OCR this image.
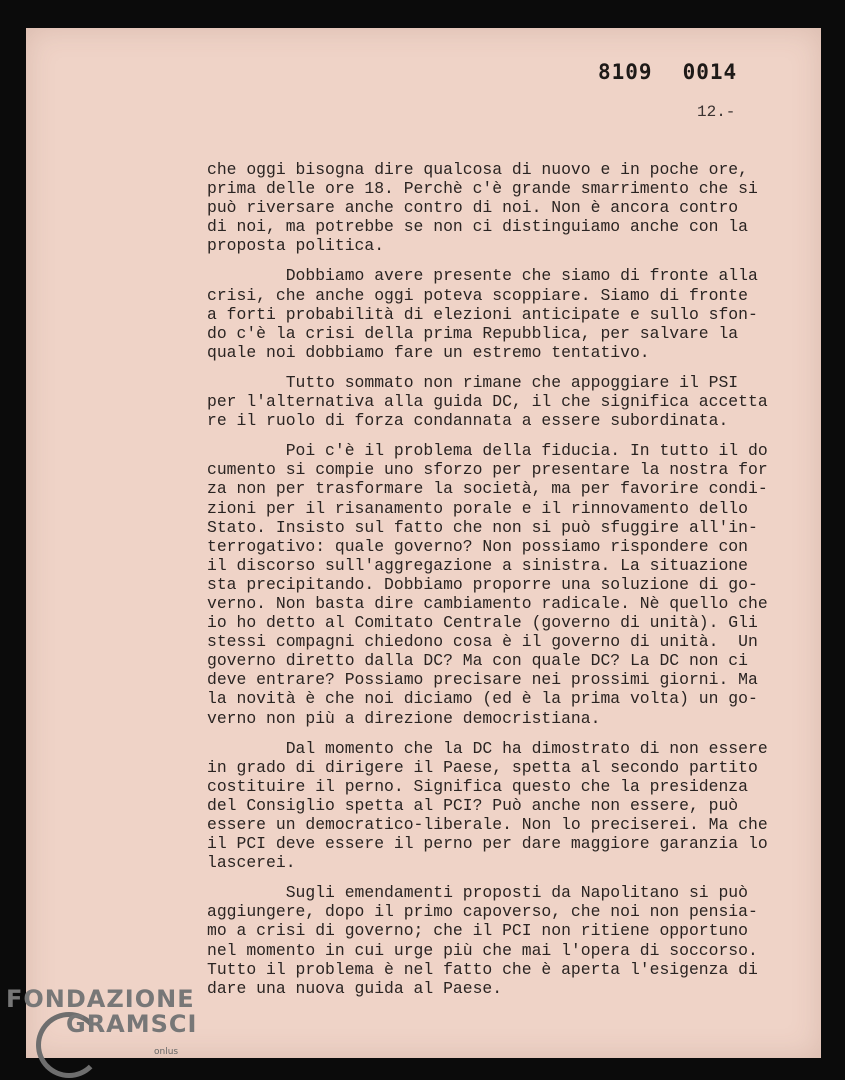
8109 0014
12.-
che oggi bisogna dire qualcosa di nuovo e in poche ore,
prima delle ore 18. Perchè c'è grande smarrimento che si
può riversare anche contro di noi. Non è ancora contro
di noi, ma potrebbe se non ci distinguiamo anche con la
proposta politica.
Dobbiamo avere presente che siamo di fronte alla
crisi, che anche oggi poteva scoppiare. Siamo di fronte
a forti probabilità di elezioni anticipate e sullo sfon-
do c'è la crisi della prima Repubblica, per salvare la
quale noi dobbiamo fare un estremo tentativo.
Tutto sommato non rimane che appoggiare il PSI
per l'alternativa alla guida DC, il che significa accetta
re il ruolo di forza condannata a essere subordinata.
Poi c'è il problema della fiducia. In tutto il do
cumento si compie uno sforzo per presentare la nostra for
za non per trasformare la società, ma per favorire condi-
zioni per il risanamento porale e il rinnovamento dello
Stato. Insisto sul fatto che non si può sfuggire all'in-
terrogativo: quale governo? Non possiamo rispondere con
il discorso sull'aggregazione a sinistra. La situazione
sta precipitando. Dobbiamo proporre una soluzione di go-
verno. Non basta dire cambiamento radicale. Nè quello che
io ho detto al Comitato Centrale (governo di unità). Gli
stessi compagni chiedono cosa è il governo di unità.  Un
governo diretto dalla DC? Ma con quale DC? La DC non ci
deve entrare? Possiamo precisare nei prossimi giorni. Ma
la novità è che noi diciamo (ed è la prima volta) un go-
verno non più a direzione democristiana.
Dal momento che la DC ha dimostrato di non essere
in grado di dirigere il Paese, spetta al secondo partito
costituire il perno. Significa questo che la presidenza
del Consiglio spetta al PCI? Può anche non essere, può
essere un democratico-liberale. Non lo preciserei. Ma che
il PCI deve essere il perno per dare maggiore garanzia lo
lascerei.
Sugli emendamenti proposti da Napolitano si può
aggiungere, dopo il primo capoverso, che noi non pensia-
mo a crisi di governo; che il PCI non ritiene opportuno
nel momento in cui urge più che mai l'opera di soccorso.
Tutto il problema è nel fatto che è aperta l'esigenza di
dare una nuova guida al Paese.
FONDAZIONE
GRAMSCI
onlus
